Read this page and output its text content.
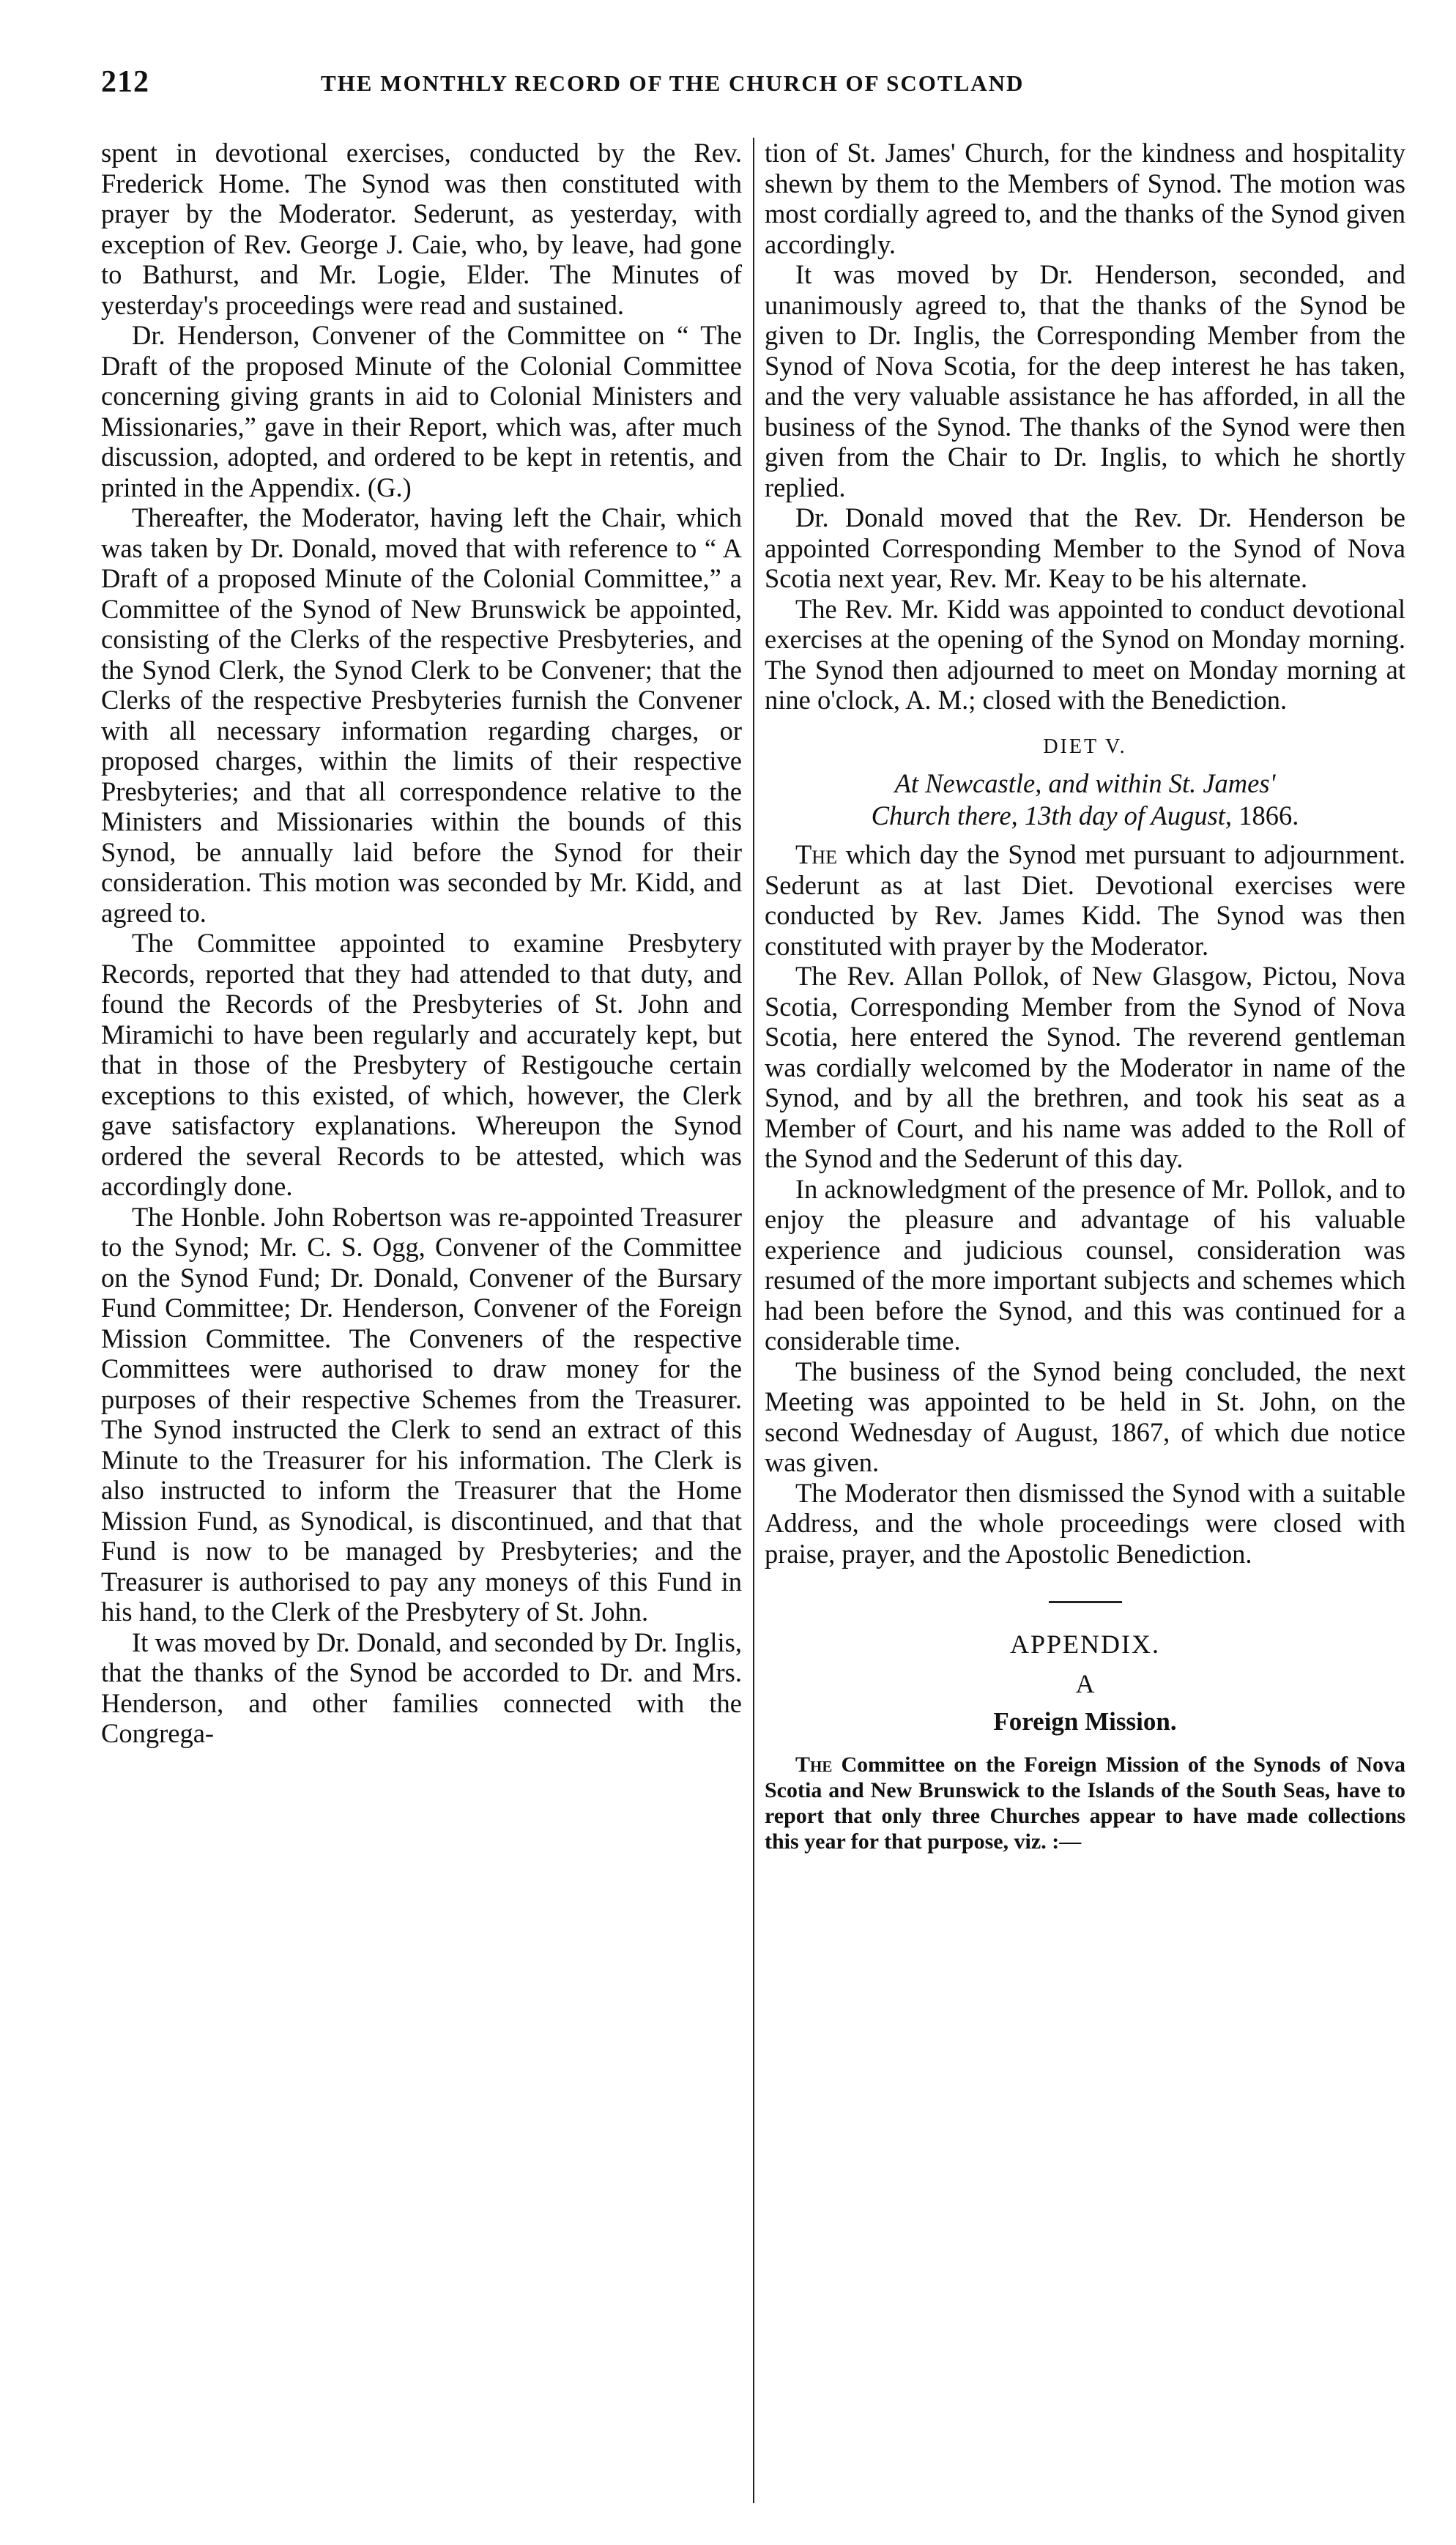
212	THE MONTHLY RECORD OF THE CHURCH OF SCOTLAND

spent in devotional exercises, conducted by the Rev. Frederick Home. The Synod was then constituted with prayer by the Moderator. Sederunt, as yesterday, with exception of Rev. George J. Caie, who, by leave, had gone to Bathurst, and Mr. Logie, Elder. The Minutes of yesterday's proceedings were read and sustained.

Dr. Henderson, Convener of the Committee on “ The Draft of the proposed Minute of the Colonial Committee concerning giving grants in aid to Colonial Ministers and Missionaries,” gave in their Report, which was, after much discussion, adopted, and ordered to be kept in retentis, and printed in the Appendix. (G.)

Thereafter, the Moderator, having left the Chair, which was taken by Dr. Donald, moved that with reference to “ A Draft of a proposed Minute of the Colonial Committee,” a Committee of the Synod of New Brunswick be appointed, consisting of the Clerks of the respective Presbyteries, and the Synod Clerk, the Synod Clerk to be Convener; that the Clerks of the respective Presbyteries furnish the Convener with all necessary information regarding charges, or proposed charges, within the limits of their respective Presbyteries; and that all correspondence relative to the Ministers and Missionaries within the bounds of this Synod, be annually laid before the Synod for their consideration. This motion was seconded by Mr. Kidd, and agreed to.

The Committee appointed to examine Presbytery Records, reported that they had attended to that duty, and found the Records of the Presbyteries of St. John and Miramichi to have been regularly and accurately kept, but that in those of the Presbytery of Restigouche certain exceptions to this existed, of which, however, the Clerk gave satisfactory explanations. Whereupon the Synod ordered the several Records to be attested, which was accordingly done.

The Honble. John Robertson was re-appointed Treasurer to the Synod; Mr. C. S. Ogg, Convener of the Committee on the Synod Fund; Dr. Donald, Convener of the Bursary Fund Committee; Dr. Henderson, Convener of the Foreign Mission Committee. The Conveners of the respective Committees were authorised to draw money for the purposes of their respective Schemes from the Treasurer. The Synod instructed the Clerk to send an extract of this Minute to the Treasurer for his information. The Clerk is also instructed to inform the Treasurer that the Home Mission Fund, as Synodical, is discontinued, and that that Fund is now to be managed by Presbyteries; and the Treasurer is authorised to pay any moneys of this Fund in his hand, to the Clerk of the Presbytery of St. John.

It was moved by Dr. Donald, and seconded by Dr. Inglis, that the thanks of the Synod be accorded to Dr. and Mrs. Henderson, and other families connected with the Congrega-

tion of St. James' Church, for the kindness and hospitality shewn by them to the Members of Synod. The motion was most cordially agreed to, and the thanks of the Synod given accordingly.

It was moved by Dr. Henderson, seconded, and unanimously agreed to, that the thanks of the Synod be given to Dr. Inglis, the Corresponding Member from the Synod of Nova Scotia, for the deep interest he has taken, and the very valuable assistance he has afforded, in all the business of the Synod. The thanks of the Synod were then given from the Chair to Dr. Inglis, to which he shortly replied.

Dr. Donald moved that the Rev. Dr. Henderson be appointed Corresponding Member to the Synod of Nova Scotia next year, Rev. Mr. Keay to be his alternate.

The Rev. Mr. Kidd was appointed to conduct devotional exercises at the opening of the Synod on Monday morning. The Synod then adjourned to meet on Monday morning at nine o'clock, A. M.; closed with the Benediction.

DIET V.
At Newcastle, and within St. James'
Church there, 13th day of August, 1866.

The which day the Synod met pursuant to adjournment. Sederunt as at last Diet. Devotional exercises were conducted by Rev. James Kidd. The Synod was then constituted with prayer by the Moderator.

The Rev. Allan Pollok, of New Glasgow, Pictou, Nova Scotia, Corresponding Member from the Synod of Nova Scotia, here entered the Synod. The reverend gentleman was cordially welcomed by the Moderator in name of the Synod, and by all the brethren, and took his seat as a Member of Court, and his name was added to the Roll of the Synod and the Sederunt of this day.

In acknowledgment of the presence of Mr. Pollok, and to enjoy the pleasure and advantage of his valuable experience and judicious counsel, consideration was resumed of the more important subjects and schemes which had been before the Synod, and this was continued for a considerable time.

The business of the Synod being concluded, the next Meeting was appointed to be held in St. John, on the second Wednesday of August, 1867, of which due notice was given.

The Moderator then dismissed the Synod with a suitable Address, and the whole proceedings were closed with praise, prayer, and the Apostolic Benediction.

APPENDIX.
A
Foreign Mission.

The Committee on the Foreign Mission of the Synods of Nova Scotia and New Brunswick to the Islands of the South Seas, have to report that only three Churches appear to have made collections this year for that purpose, viz. :—
